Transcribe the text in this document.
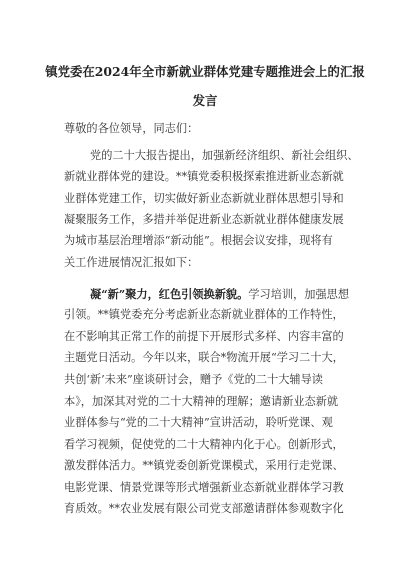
镇党委在2024年全市新就业群体党建专题推进会上的汇报
发言
尊敬的各位领导，同志们：
党的二十大报告提出，加强新经济组织、新社会组织、
新就业群体党的建设。**镇党委积极探索推进新业态新就
业群体党建工作，切实做好新业态新就业群体思想引导和
凝聚服务工作，多措并举促进新业态新就业群体健康发展
为城市基层治理增添“新动能”。根据会议安排，现将有
关工作进展情况汇报如下：
凝“新”聚力，红色引领换新貌。学习培训，加强思想
引领。**镇党委充分考虑新业态新就业群体的工作特性，
在不影响其正常工作的前提下开展形式多样、内容丰富的
主题党日活动。今年以来，联合*物流开展“学习二十大，
共创‘新’未来”座谈研讨会，赠予《党的二十大辅导读
本》，加深其对党的二十大精神的理解；邀请新业态新就
业群体参与“党的二十大精神”宣讲活动，聆听党课、观
看学习视频，促使党的二十大精神内化于心。创新形式，
激发群体活力。**镇党委创新党课模式，采用行走党课、
电影党课、情景党课等形式增强新业态新就业群体学习教
育质效。**农业发展有限公司党支部邀请群体参观数字化
